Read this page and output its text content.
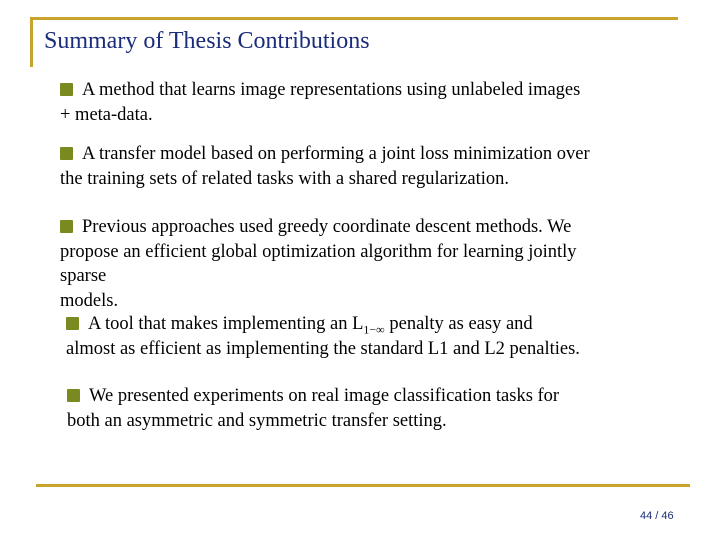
Summary of Thesis Contributions
A method that learns image representations using unlabeled images
+ meta-data.
A transfer model based on performing a joint loss minimization over
the training sets of related tasks with a shared regularization.
Previous approaches used greedy coordinate descent methods. We
propose an efficient global optimization algorithm for learning jointly
sparse
models.
A tool that makes implementing an $L_{1-\infty}$ penalty as easy and
almost as efficient as implementing the standard L1 and L2 penalties.
We presented experiments on real image classification tasks for
both an asymmetric and symmetric transfer setting.
44 / 46
